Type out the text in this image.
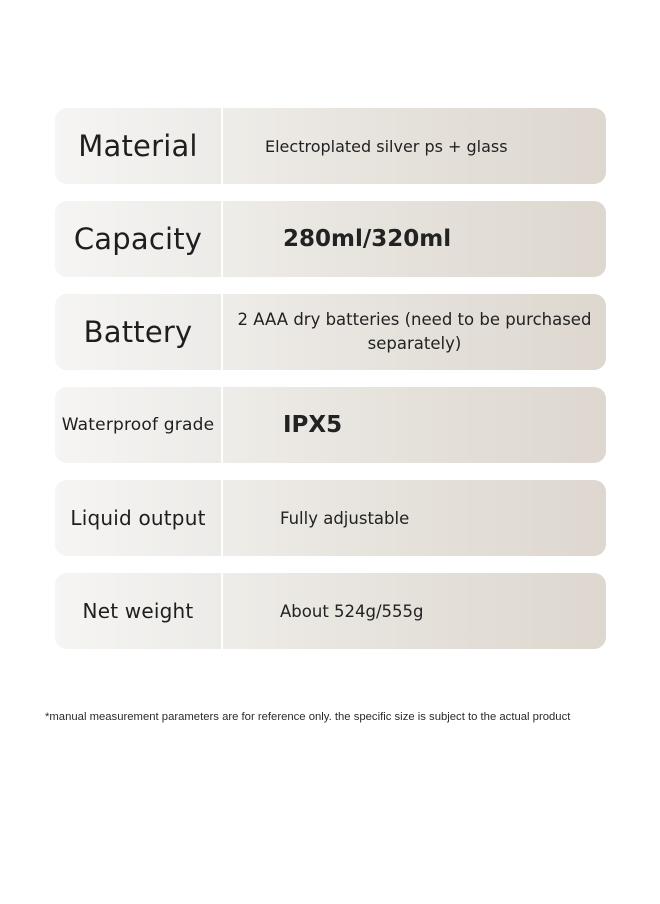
Material	Electroplated silver ps + glass
Capacity	280ml/320ml
Battery	2 AAA dry batteries (need to be purchased separately)
Waterproof grade	IPX5
Liquid output	Fully adjustable
Net weight	About 524g/555g
*manual measurement parameters are for reference only. the specific size is subject to the actual product
